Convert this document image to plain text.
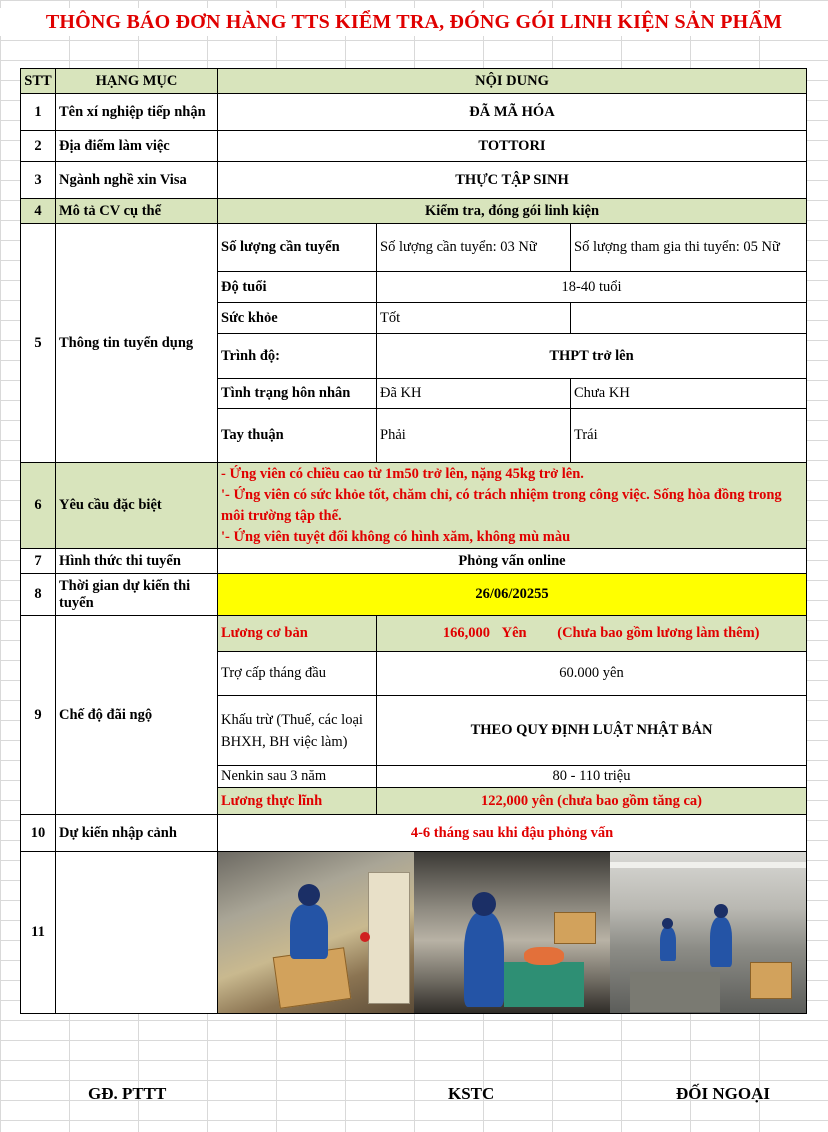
THÔNG BÁO ĐƠN HÀNG TTS KIỂM TRA, ĐÓNG GÓI LINH KIỆN SẢN PHẨM
STT	HẠNG MỤC	NỘI DUNG		
1	Tên xí nghiệp tiếp nhận	ĐÃ MÃ HÓA		
2	Địa điểm làm việc	TOTTORI		
3	Ngành nghề xin Visa	THỰC TẬP SINH		
4	Mô tả CV cụ thể	Kiểm tra, đóng gói linh kiện		
5	Thông tin tuyển dụng	Số lượng cần tuyển	Số lượng cần tuyển: 03 Nữ	Số lượng tham gia thi tuyển: 05 Nữ
		Độ tuổi	18-40 tuổi	
		Sức khỏe	Tốt	
		Trình độ:	THPT trở lên	
		Tình trạng hôn nhân	Đã KH	Chưa KH
		Tay thuận	Phải	Trái
6	Yêu cầu đặc biệt	- Ứng viên có chiều cao từ 1m50 trở lên, nặng 45kg trở lên.
'- Ứng viên có sức khỏe tốt, chăm chỉ, có trách nhiệm trong công việc. Sống hòa đồng trong môi trường tập thể.
'- Ứng viên tuyệt đối không có hình xăm, không mù màu		

7	Hình thức thi tuyển	Phỏng vấn online		
8	Thời gian dự kiến thi tuyển	26/06/20255		
9	Chế độ đãi ngộ	Lương cơ bản	166,000 Yên (Chưa bao gồm lương làm thêm)	
		Trợ cấp tháng đầu	60.000 yên	
		Khấu trừ (Thuế, các loại BHXH, BH việc làm)	THEO QUY ĐỊNH LUẬT NHẬT BẢN	
		Nenkin sau 3 năm	80 - 110 triệu	
		Lương thực lĩnh	122,000 yên (chưa bao gồm tăng ca)	
10	Dự kiến nhập cảnh	4-6 tháng sau khi đậu phỏng vấn		
11				
GĐ. PTTT	KSTC	ĐỐI NGOẠI
